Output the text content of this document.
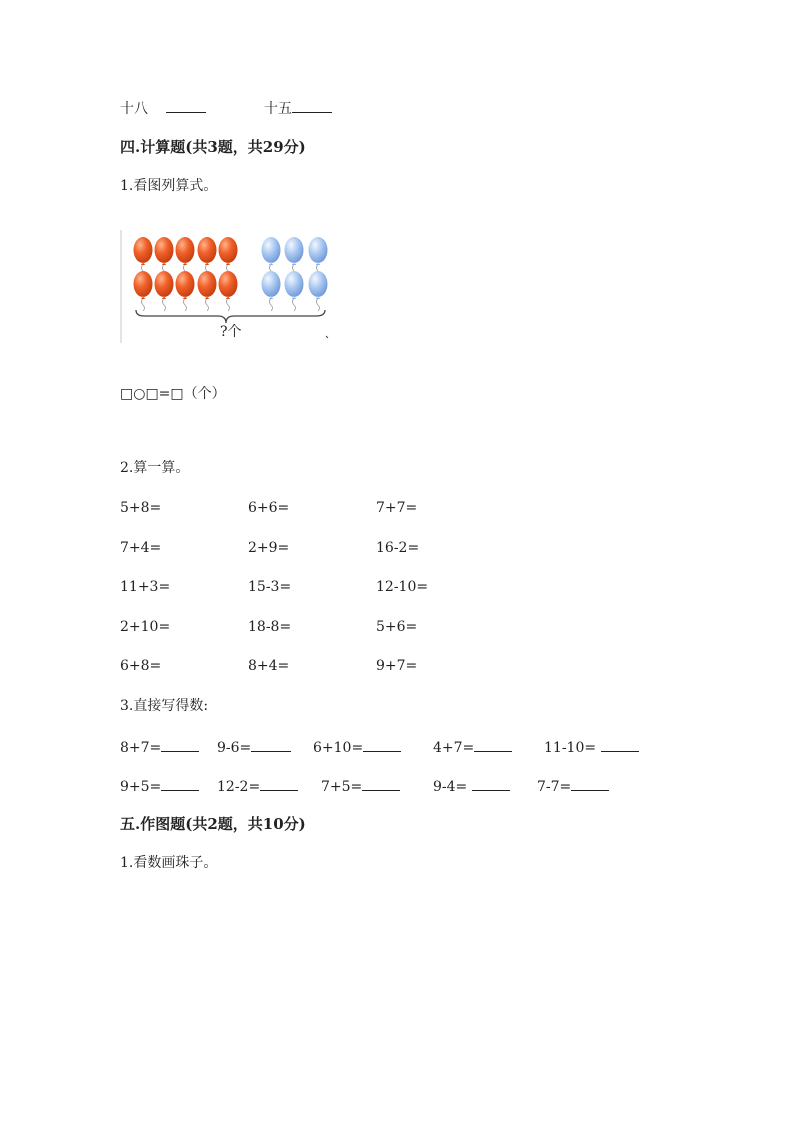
十八	十五
四.计算题(共3题，共29分)
1.看图列算式。
?个
□○□=□（个）
2.算一算。
5+8=	6+6=	7+7=
7+4=	2+9=	16-2=
11+3=	15-3=	12-10=
2+10=	18-8=	5+6=
6+8=	8+4=	9+7=
3.直接写得数:
8+7=	9-6=	6+10=	4+7=	11-10=
9+5=	12-2=	7+5=	9-4=	7-7=
五.作图题(共2题，共10分)
1.看数画珠子。
